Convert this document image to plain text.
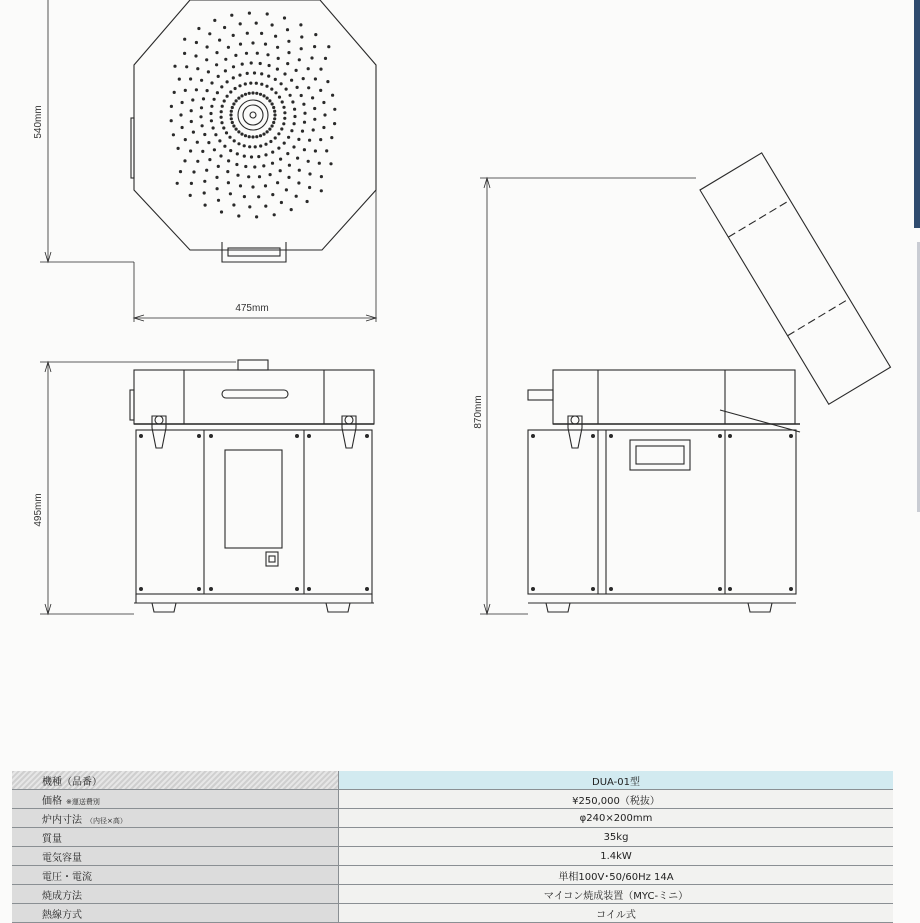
540mm
475mm
495mm
870mm
機種（品番）	DUA-01型
価格 ※運送費別	¥250,000（税抜）
炉内寸法 （内径×高）	φ240×200mm
質量	35kg
電気容量	1.4kW
電圧・電流	単相100V･50/60Hz 14A
焼成方法	マイコン焼成装置（MYC-ミニ）
熱線方式	コイル式
